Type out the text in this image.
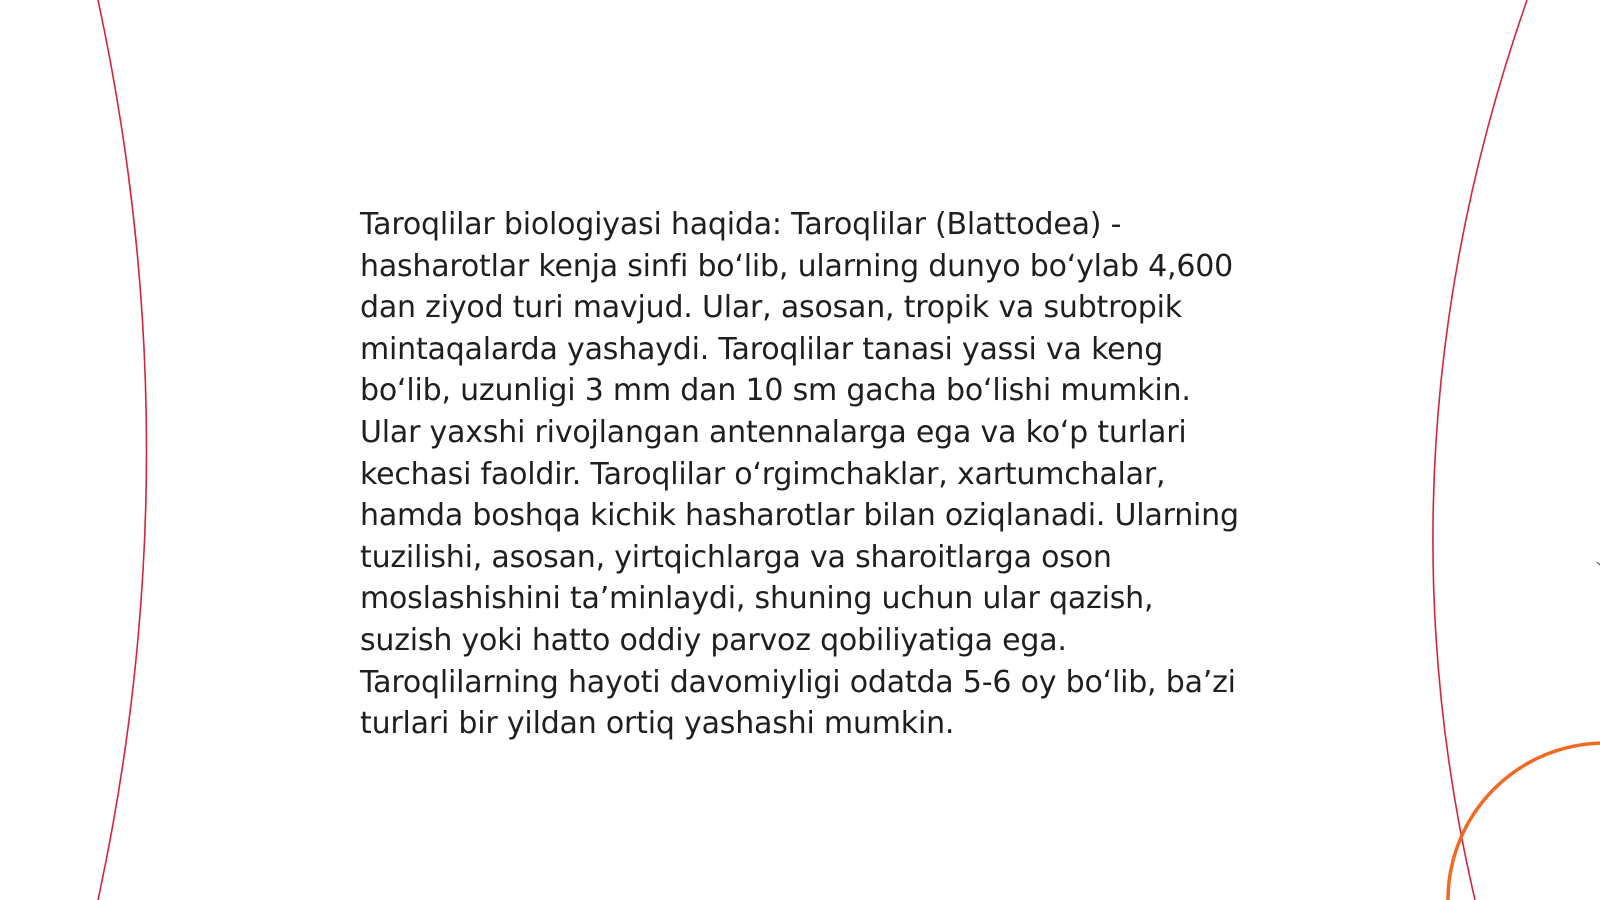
Taroqlilar biologiyasi haqida: Taroqlilar (Blattodea) - hasharotlar kenja sinfi bo‘lib, ularning dunyo bo‘ylab 4,600 dan ziyod turi mavjud. Ular, asosan, tropik va subtropik mintaqalarda yashaydi. Taroqlilar tanasi yassi va keng bo‘lib, uzunligi 3 mm dan 10 sm gacha bo‘lishi mumkin. Ular yaxshi rivojlangan antennalarga ega va ko‘p turlari kechasi faoldir. Taroqlilar o‘rgimchaklar, xartumchalar, hamda boshqa kichik hasharotlar bilan oziqlanadi. Ularning tuzilishi, asosan, yirtqichlarga va sharoitlarga oson moslashishini ta’minlaydi, shuning uchun ular qazish, suzish yoki hatto oddiy parvoz qobiliyatiga ega. Taroqlilarning hayoti davomiyligi odatda 5-6 oy bo‘lib, ba’zi turlari bir yildan ortiq yashashi mumkin.
